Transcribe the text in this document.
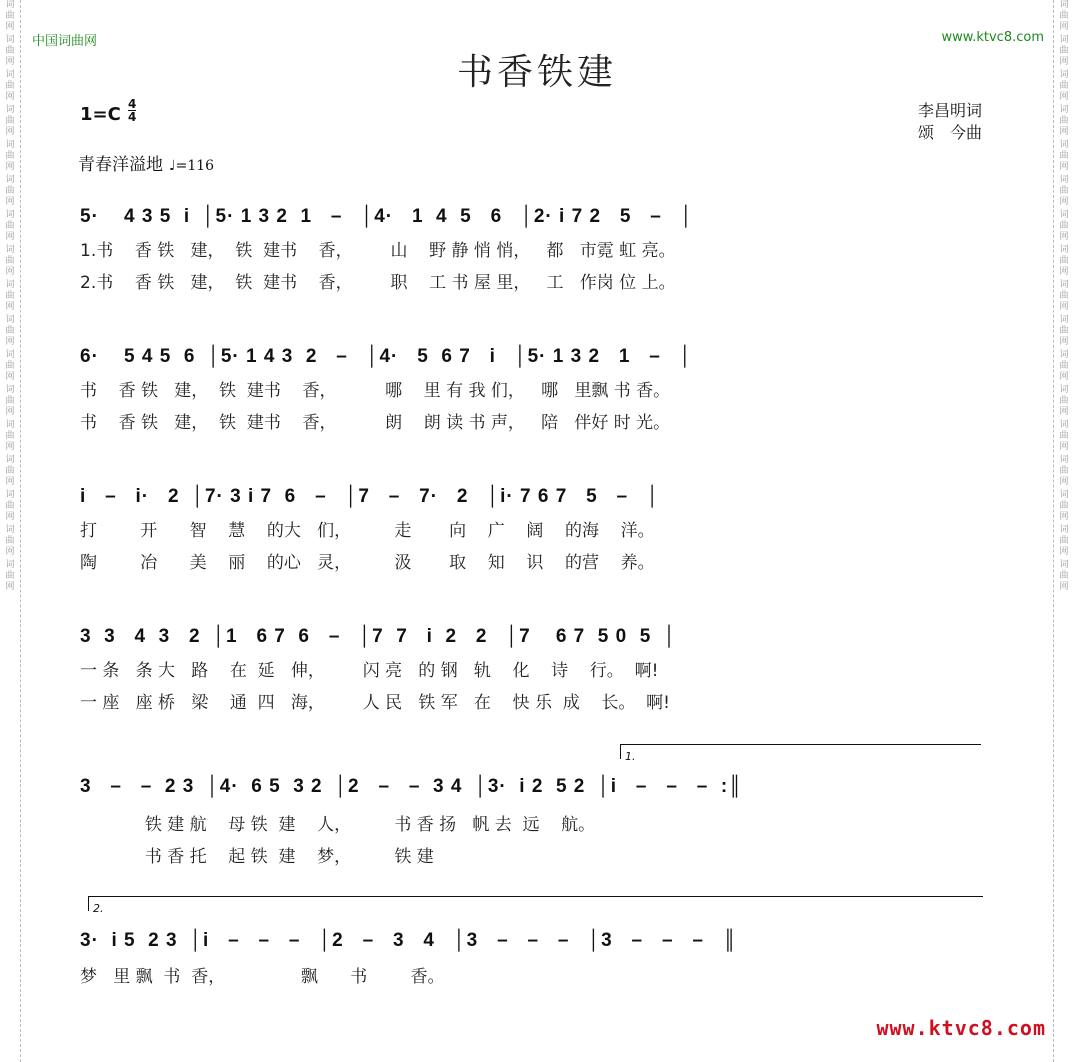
词
曲
网
词
曲
网
词
曲
网
词
曲
网
词
曲
网
词
曲
网
词
曲
网
词
曲
网
词
曲
网
词
曲
网
词
曲
网
词
曲
网
词
曲
网
词
曲
网
词
曲
网
词
曲
网
词
曲
网
词
曲
网
词
曲
网
词
曲
网
词
曲
网
词
曲
网
词
曲
网
词
曲
网
词
曲
网
词
曲
网
词
曲
网
词
曲
网
词
曲
网
词
曲
网
词
曲
网
词
曲
网
词
曲
网
词
曲
网
中国词曲网	www.ktvc8.com
书香铁建
$1=C \frac{4}{4}$	李昌明词
颂　今曲
青春洋溢地 ♩=116
5·    4 3 5  i  │5· 1 3 2  1   –   │4·   1  4  5   6   │2· i 7 2   5   –   │
1.书    香 铁   建，  铁  建书    香，       山    野 静 悄 悄，   都   市霓 虹 亮。
2.书    香 铁   建，  铁  建书    香，       职    工 书 屋 里，   工   作岗 位 上。
6·    5 4 5  6  │5· 1 4 3  2   –   │4·   5  6 7   i   │5· 1 3 2   1   –   │
书    香 铁   建，  铁  建书    香，         哪    里 有 我 们，   哪   里飘 书 香。
书    香 铁   建，  铁  建书    香，         朗    朗 读 书 声，   陪   伴好 时 光。
i   –   i·   2  │7· 3 i 7  6   –   │7   –   7·   2   │i· 7 6 7   5   –   │
打        开      智    慧    的大   们，        走       向    广    阔    的海    洋。
陶        冶      美    丽    的心   灵，        汲       取    知    识    的营    养。
3  3   4  3   2  │1   6 7  6   –   │7  7   i  2   2   │7    6 7  5 0  5  │
一 条   条 大   路    在  延   伸，       闪 亮   的 钢   轨    化    诗    行。  啊!
一 座   座 桥   梁    通  四   海，       人 民   铁 军   在    快 乐  成    长。  啊!
1.
3   –   –  2 3  │4·  6 5  3 2  │2   –   –  3 4  │3·  i 2  5 2  │i   –   –   –  :║
铁 建 航    母 铁  建    人，        书 香 扬   帆 去  远    航。
书 香 托    起 铁  建    梦，        铁 建
2.
3·  i 5  2 3  │i   –   –   –   │2   –   3   4   │3   –   –   –   │3   –   –   –   ║
梦   里 飘  书  香，              飘      书        香。
www.ktvc8.com
